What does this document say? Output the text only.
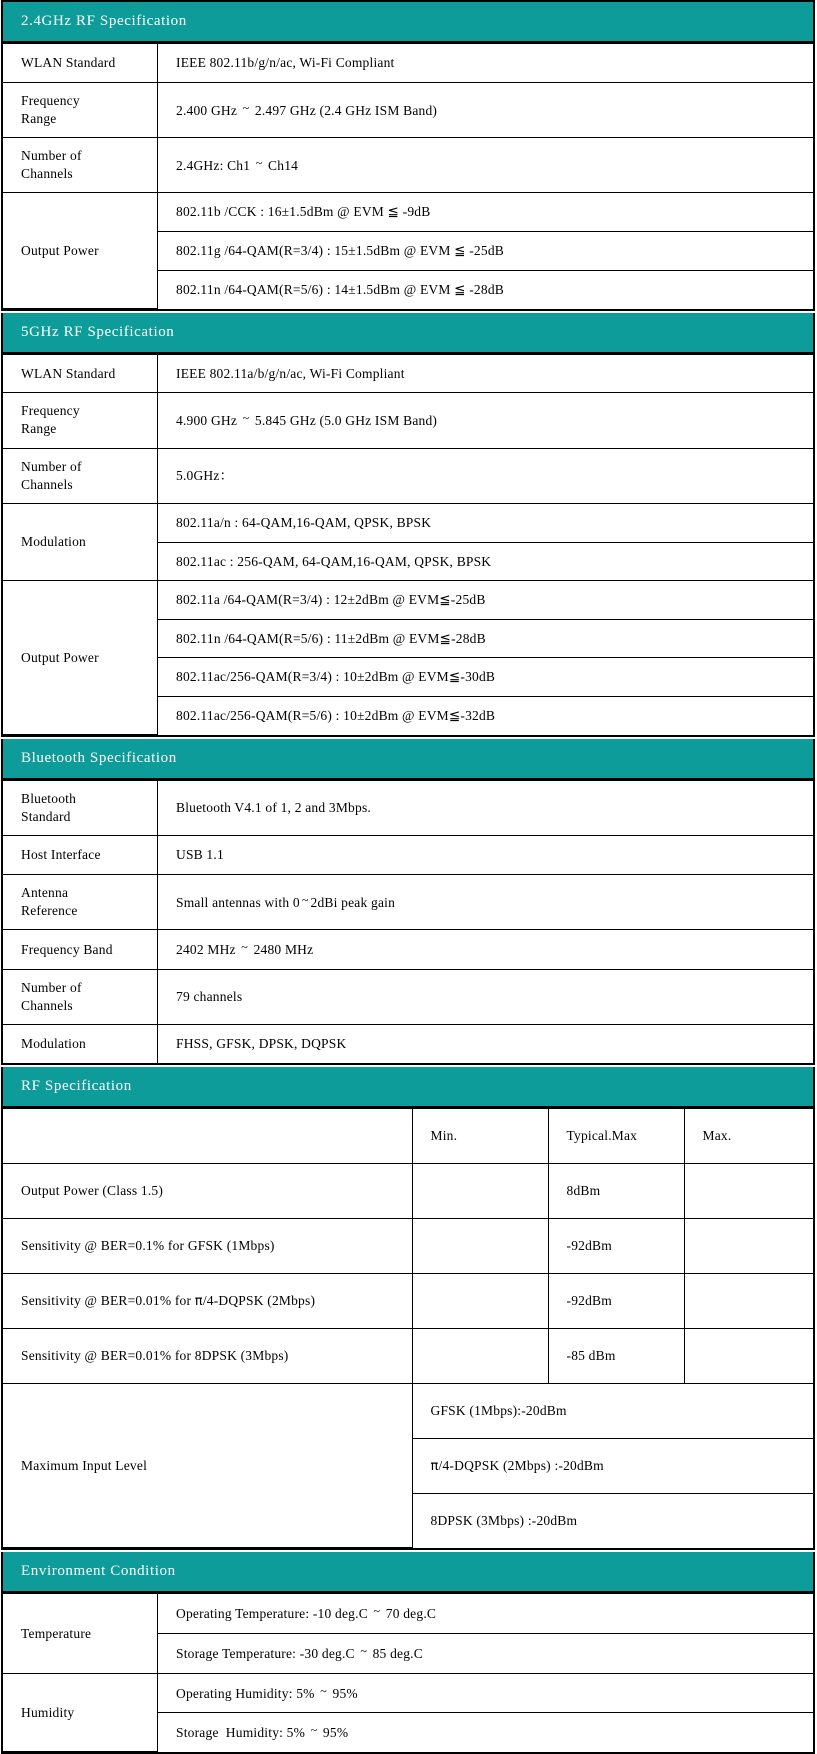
2.4GHz RF Specification
WLAN Standard	IEEE 802.11b/g/n/ac, Wi-Fi Compliant
Frequency
Range	2.400 GHz ~ 2.497 GHz (2.4 GHz ISM Band)
Number of
Channels	2.4GHz: Ch1 ~ Ch14
Output Power	802.11b /CCK : 16±1.5dBm @ EVM ≦ -9dB
	802.11g /64-QAM(R=3/4) : 15±1.5dBm @ EVM ≦ -25dB
	802.11n /64-QAM(R=5/6) : 14±1.5dBm @ EVM ≦ -28dB
5GHz RF Specification
WLAN Standard	IEEE 802.11a/b/g/n/ac, Wi-Fi Compliant
Frequency
Range	4.900 GHz ~ 5.845 GHz (5.0 GHz ISM Band)
Number of
Channels	5.0GHz：
Modulation	802.11a/n : 64-QAM,16-QAM, QPSK, BPSK
	802.11ac : 256-QAM, 64-QAM,16-QAM, QPSK, BPSK
Output Power	802.11a /64-QAM(R=3/4) : 12±2dBm @ EVM≦-25dB
	802.11n /64-QAM(R=5/6) : 11±2dBm @ EVM≦-28dB
	802.11ac/256-QAM(R=3/4) : 10±2dBm @ EVM≦-30dB
	802.11ac/256-QAM(R=5/6) : 10±2dBm @ EVM≦-32dB
Bluetooth Specification
Bluetooth
Standard	Bluetooth V4.1 of 1, 2 and 3Mbps.
Host Interface	USB 1.1
Antenna
Reference	Small antennas with 0 ~ 2dBi peak gain
Frequency Band	2402 MHz ~ 2480 MHz
Number of
Channels	79 channels
Modulation	FHSS, GFSK, DPSK, DQPSK
RF Specification
	Min.	Typical.Max	Max.
Output Power (Class 1.5)		8dBm	
Sensitivity @ BER=0.1% for GFSK (1Mbps)		-92dBm	
Sensitivity @ BER=0.01% for π/4-DQPSK (2Mbps)		-92dBm	
Sensitivity @ BER=0.01% for 8DPSK (3Mbps)		-85 dBm	
Maximum Input Level	GFSK (1Mbps):-20dBm		
	π/4-DQPSK (2Mbps) :-20dBm		
	8DPSK (3Mbps) :-20dBm		
Environment Condition
Temperature	Operating Temperature: -10 deg.C ~ 70 deg.C
	Storage Temperature: -30 deg.C ~ 85 deg.C
Humidity	Operating Humidity: 5% ~ 95%
	Storage  Humidity: 5% ~ 95%
